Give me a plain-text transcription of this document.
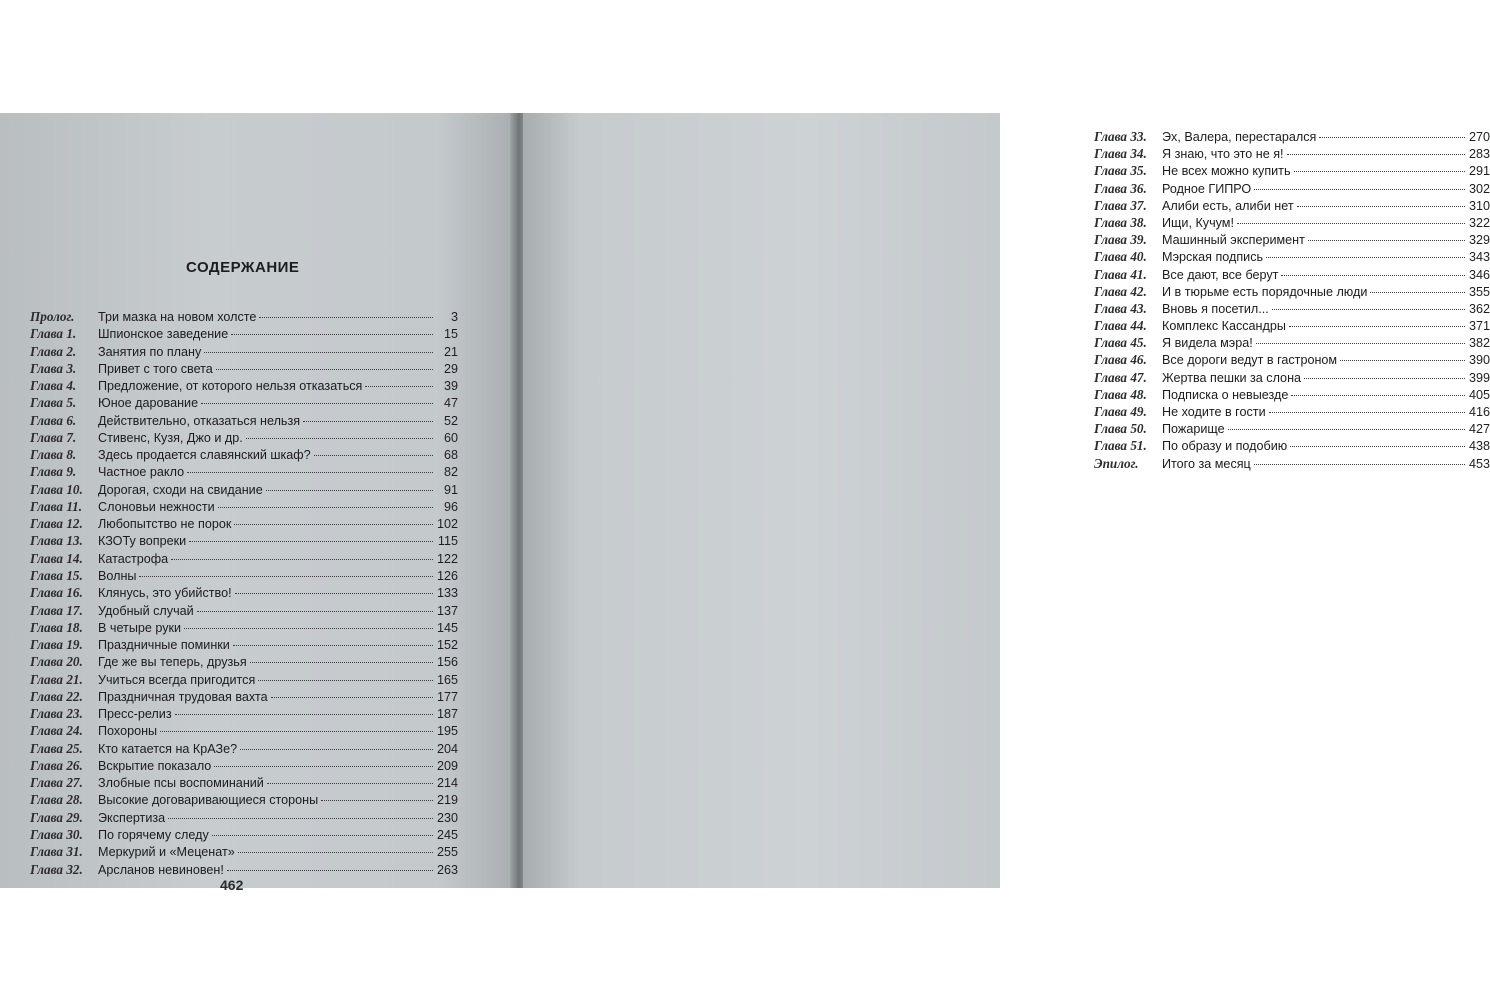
СОДЕРЖАНИЕ
Пролог.	Три мазка на новом холсте	3
Глава 1.	Шпионское заведение	15
Глава 2.	Занятия по плану	21
Глава 3.	Привет с того света	29
Глава 4.	Предложение, от которого нельзя отказаться	39
Глава 5.	Юное дарование	47
Глава 6.	Действительно, отказаться нельзя	52
Глава 7.	Стивенс, Кузя, Джо и др.	60
Глава 8.	Здесь продается славянский шкаф?	68
Глава 9.	Частное ракло	82
Глава 10.	Дорогая, сходи на свидание	91
Глава 11.	Слоновьи нежности	96
Глава 12.	Любопытство не порок	102
Глава 13.	КЗОТу вопреки	115
Глава 14.	Катастрофа	122
Глава 15.	Волны	126
Глава 16.	Клянусь, это убийство!	133
Глава 17.	Удобный случай	137
Глава 18.	В четыре руки	145
Глава 19.	Праздничные поминки	152
Глава 20.	Где же вы теперь, друзья	156
Глава 21.	Учиться всегда пригодится	165
Глава 22.	Праздничная трудовая вахта	177
Глава 23.	Пресс-релиз	187
Глава 24.	Похороны	195
Глава 25.	Кто катается на КрАЗе?	204
Глава 26.	Вскрытие показало	209
Глава 27.	Злобные псы воспоминаний	214
Глава 28.	Высокие договаривающиеся стороны	219
Глава 29.	Экспертиза	230
Глава 30.	По горячему следу	245
Глава 31.	Меркурий и «Меценат»	255
Глава 32.	Арсланов невиновен!	263
462
Глава 33.	Эх, Валера, перестарался	270
Глава 34.	Я знаю, что это не я!	283
Глава 35.	Не всех можно купить	291
Глава 36.	Родное ГИПРО	302
Глава 37.	Алиби есть, алиби нет	310
Глава 38.	Ищи, Кучум!	322
Глава 39.	Машинный эксперимент	329
Глава 40.	Мэрская подпись	343
Глава 41.	Все дают, все берут	346
Глава 42.	И в тюрьме есть порядочные люди	355
Глава 43.	Вновь я посетил...	362
Глава 44.	Комплекс Кассандры	371
Глава 45.	Я видела мэра!	382
Глава 46.	Все дороги ведут в гастроном	390
Глава 47.	Жертва пешки за слона	399
Глава 48.	Подписка о невыезде	405
Глава 49.	Не ходите в гости	416
Глава 50.	Пожарище	427
Глава 51.	По образу и подобию	438
Эпилог.	Итого за месяц	453
